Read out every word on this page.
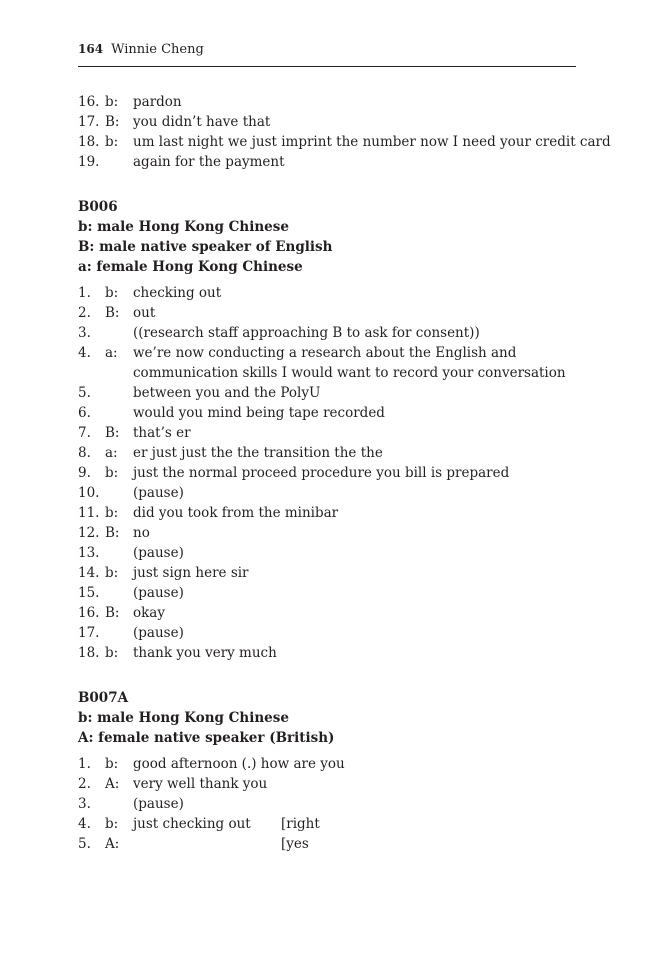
164 Winnie Cheng
16. b:	pardon
17. B:	you didn’t have that
18. b:	um last night we just imprint the number now I need your credit card
19.	again for the payment
B006
b: male Hong Kong Chinese
B: male native speaker of English
a: female Hong Kong Chinese
1.	b:	checking out
2.	B:	out
3.	((research staff approaching B to ask for consent))
4.	a:	we’re now conducting a research about the English and
communication skills I would want to record your conversation
5.	between you and the PolyU
6.	would you mind being tape recorded
7.	B:	that’s er
8.	a:	er just just the the transition the the
9.	b:	just the normal proceed procedure you bill is prepared
10.	(pause)
11. b:	did you took from the minibar
12. B:	no
13.	(pause)
14. b:	just sign here sir
15.	(pause)
16. B:	okay
17.	(pause)
18. b:	thank you very much
B007A
b: male Hong Kong Chinese
A: female native speaker (British)
1.	b:	good afternoon (.) how are you
2.	A:	very well thank you
3.	(pause)
4.	b:	just checking out [right
5.	A:	[yes
